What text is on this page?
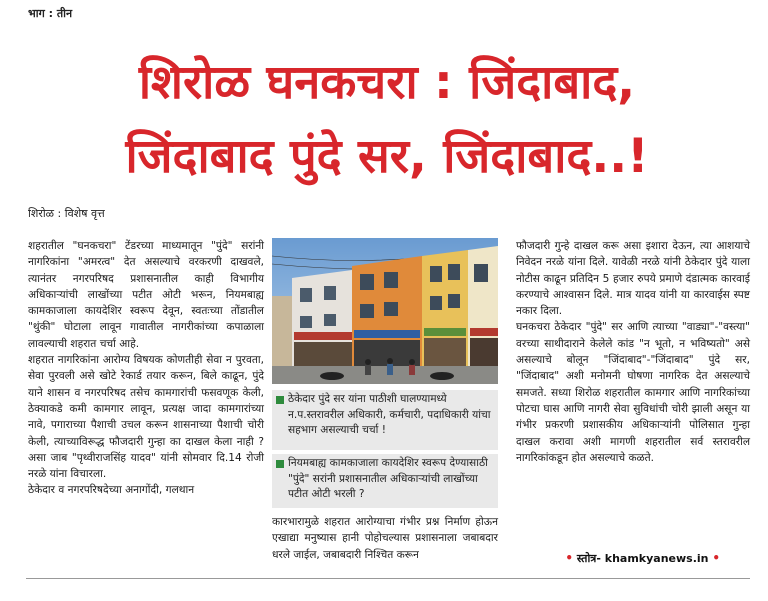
भाग : तीन
शिरोळ घनकचरा : जिंदाबाद,
जिंदाबाद पुंदे सर, जिंदाबाद..!
शिरोळ : विशेष वृत्त

शहरातील "घनकचरा" टेंडरच्या माध्यमातून "पुंदे" सरांनी नागरिकांना "अमरत्व" देत असल्याचे वरकरणी दाखवले, त्यानंतर नगरपरिषद प्रशासनातील काही विभागीय अधिकाऱ्यांची लाखोंच्या पटीत ओटी भरून, नियमबाह्य कामकाजाला कायदेशिर स्वरूप देवून, स्वतःच्या तोंडातील "थुंकी" घोटाला लावून गावातील नागरीकांच्या कपाळाला लावल्याची शहरात चर्चा आहे.

शहरात नागरिकांना आरोग्य विषयक कोणतीही सेवा न पुरवता, सेवा पुरवली असे खोटे रेकार्ड तयार करून, बिले काढून, पुंदे याने शासन व नगरपरिषद तसेच कामगारांची फसवणूक केली, ठेक्याकडे कमी कामगार लावून, प्रत्यक्ष जादा कामगारांच्या नावे, पगाराच्या पैशाची उचल करून शासनाच्या पैशाची चोरी केली, त्याच्याविरूद्ध फौजदारी गुन्हा का दाखल केला नाही ? असा जाब "पृथ्वीराजसिंह यादव" यांनी सोमवार दि.14 रोजी नरळे यांना विचारला.

ठेकेदार व नगरपरिषदेच्या अनागोंदी, गलथान

ठेकेदार पुंदे सर यांना पाठीशी घालण्यामध्ये न.प.स्तरावरील अधिकारी, कर्मचारी, पदाधिकारी यांचा सहभाग असल्याची चर्चा !
नियमबाह्य कामकाजाला कायदेशिर स्वरूप देण्यासाठी "पुंदे" सरांनी प्रशासनातील अधिकाऱ्यांची लाखोंच्या पटीत ओटी भरली ?

कारभारामुळे शहरात आरोग्याचा गंभीर प्रश्न निर्माण होऊन एखाद्या मनुष्यास हानी पोहोचल्यास प्रशासनाला जबाबदार धरले जाईल, जबाबदारी निश्चित करून

फौजदारी गुन्हे दाखल करू असा इशारा देऊन, त्या आशयाचे निवेदन नरळे यांना दिले. यावेळी नरळे यांनी ठेकेदार पुंदे याला नोटीस काढून प्रतिदिन 5 हजार रुपये प्रमाणे दंडात्मक कारवाई करण्याचे आश्वासन दिले. मात्र यादव यांनी या कारवाईस स्पष्ट नकार दिला.

घनकचरा ठेकेदार "पुंदे" सर आणि त्याच्या "वाड्या"-"वस्त्या" वरच्या साथीदाराने केलेले कांड "न भूतो, न भविष्यतो" असे असल्याचे बोलून "जिंदाबाद"-"जिंदाबाद" पुंदे सर, "जिंदाबाद" अशी मनोमनी घोषणा नागरिक देत असल्याचे समजते. सध्या शिरोळ शहरातील कामगार आणि नागरिकांच्या पोटचा घास आणि नागरी सेवा सुविधांची चोरी झाली असून या गंभीर प्रकरणी प्रशासकीय अधिकाऱ्यांनी पोलिसात गुन्हा दाखल करावा अशी मागणी शहरातील सर्व स्तरावरील नागरिकांकडून होत असल्याचे कळते.

• स्तोत्र- khamkyanews.in •
